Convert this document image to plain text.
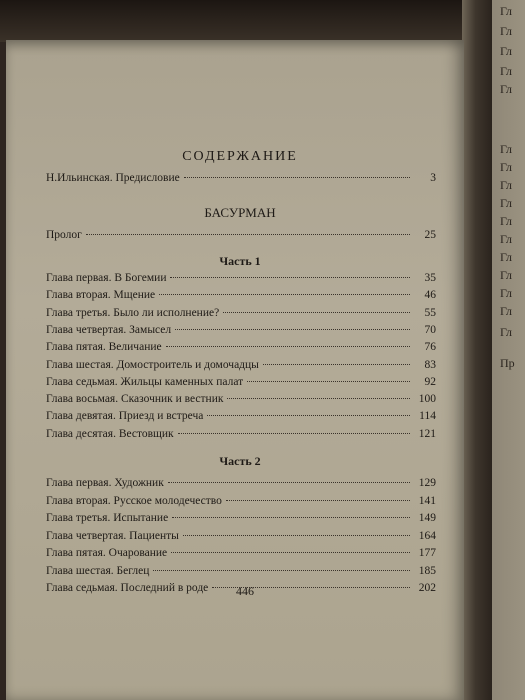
Гл
Гл
Гл
Гл
Гл
Гл
Гл
Гл
Гл
Гл
Гл
Гл
Гл
Гл
Гл
Гл
Пр
СОДЕРЖАНИЕ
Н.Ильинская. Предисловие	3
БАСУРМАН
Пролог	25
Часть 1
Глава первая. В Богемии	35
Глава вторая. Мщение	46
Глава третья. Было ли исполнение?	55
Глава четвертая. Замысел	70
Глава пятая. Величание	76
Глава шестая. Домостроитель и домочадцы	83
Глава седьмая. Жильцы каменных палат	92
Глава восьмая. Сказочник и вестник	100
Глава девятая. Приезд и встреча	114
Глава десятая. Вестовщик	121
Часть 2
Глава первая. Художник	129
Глава вторая. Русское молодечество	141
Глава третья. Испытание	149
Глава четвертая. Пациенты	164
Глава пятая. Очарование	177
Глава шестая. Беглец	185
Глава седьмая. Последний в роде	202
446
